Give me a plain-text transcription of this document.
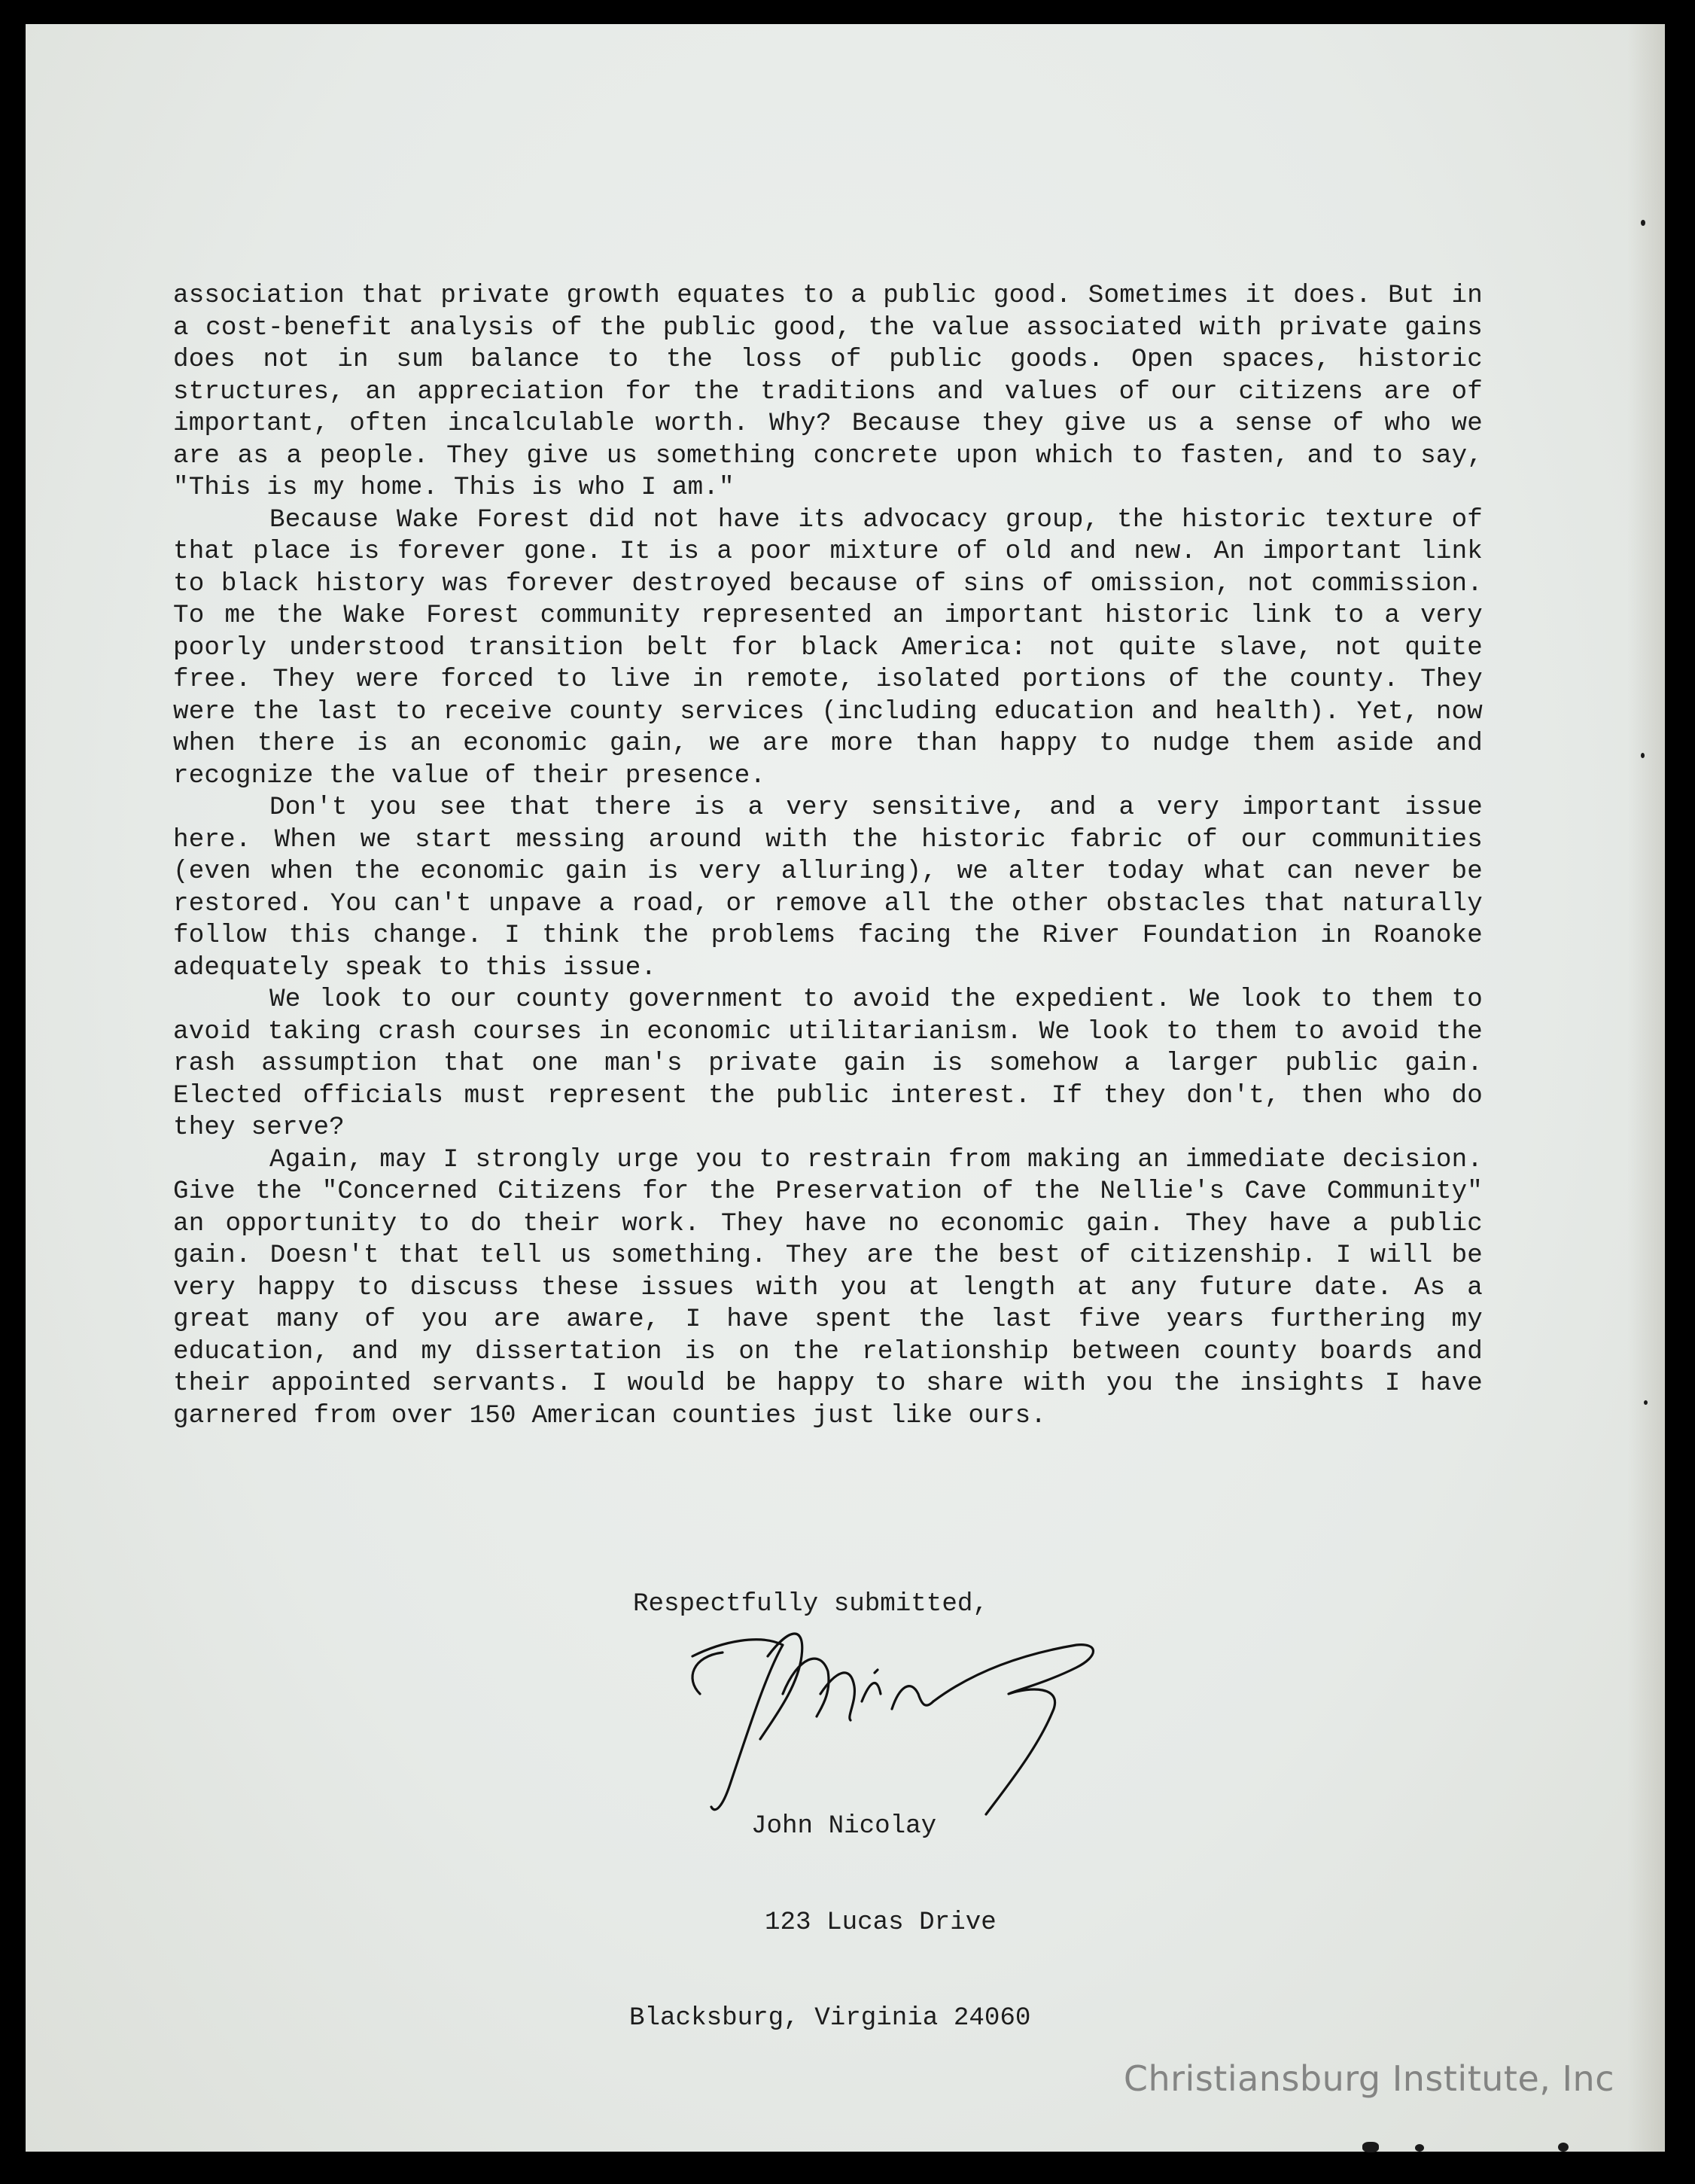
association that private growth equates to a public good. Sometimes it does. But in a cost-benefit analysis of the public good, the value associated with private gains does not in sum balance to the loss of public goods. Open spaces, historic structures, an appreciation for the traditions and values of our citizens are of important, often incalculable worth. Why? Because they give us a sense of who we are as a people. They give us something concrete upon which to fasten, and to say, "This is my home. This is who I am."

Because Wake Forest did not have its advocacy group, the historic texture of that place is forever gone. It is a poor mixture of old and new. An important link to black history was forever destroyed because of sins of omission, not commission. To me the Wake Forest community represented an important historic link to a very poorly understood transition belt for black America: not quite slave, not quite free. They were forced to live in remote, isolated portions of the county. They were the last to receive county services (including education and health). Yet, now when there is an economic gain, we are more than happy to nudge them aside and recognize the value of their presence.

Don't you see that there is a very sensitive, and a very important issue here. When we start messing around with the historic fabric of our communities (even when the economic gain is very alluring), we alter today what can never be restored. You can't unpave a road, or remove all the other obstacles that naturally follow this change. I think the problems facing the River Foundation in Roanoke adequately speak to this issue.

We look to our county government to avoid the expedient. We look to them to avoid taking crash courses in economic utilitarianism. We look to them to avoid the rash assumption that one man's private gain is somehow a larger public gain. Elected officials must represent the public interest. If they don't, then who do they serve?

Again, may I strongly urge you to restrain from making an immediate decision. Give the "Concerned Citizens for the Preservation of the Nellie's Cave Community" an opportunity to do their work. They have no economic gain. They have a public gain. Doesn't that tell us something. They are the best of citizenship. I will be very happy to discuss these issues with you at length at any future date. As a great many of you are aware, I have spent the last five years furthering my education, and my dissertation is on the relationship between county boards and their appointed servants. I would be happy to share with you the insights I have garnered from over 150 American counties just like ours.

Respectfully submitted,

John Nicolay

123 Lucas Drive

Blacksburg, Virginia 24060

Christiansburg Institute, Inc
